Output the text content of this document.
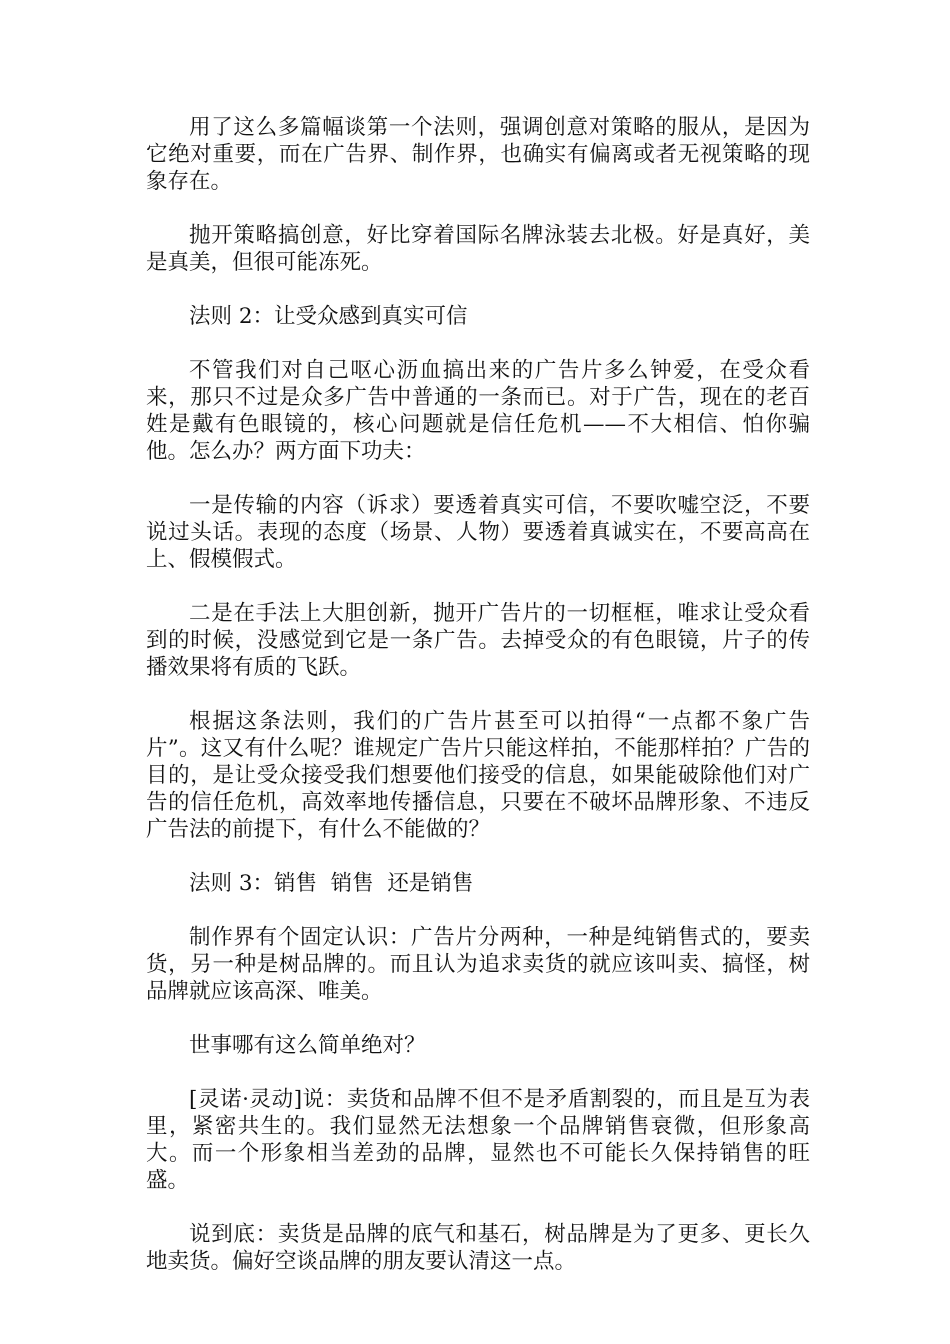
用了这么多篇幅谈第一个法则，强调创意对策略的服从，是因为它绝对重要，而在广告界、制作界，也确实有偏离或者无视策略的现象存在。

抛开策略搞创意，好比穿着国际名牌泳装去北极。好是真好，美是真美，但很可能冻死。

法则 2：让受众感到真实可信

不管我们对自己呕心沥血搞出来的广告片多么钟爱，在受众看来，那只不过是众多广告中普通的一条而已。对于广告，现在的老百姓是戴有色眼镜的，核心问题就是信任危机——不大相信、怕你骗他。怎么办？两方面下功夫：

一是传输的内容（诉求）要透着真实可信，不要吹嘘空泛，不要说过头话。表现的态度（场景、人物）要透着真诚实在，不要高高在上、假模假式。

二是在手法上大胆创新，抛开广告片的一切框框，唯求让受众看到的时候，没感觉到它是一条广告。去掉受众的有色眼镜，片子的传播效果将有质的飞跃。

根据这条法则，我们的广告片甚至可以拍得“一点都不象广告片”。这又有什么呢？谁规定广告片只能这样拍，不能那样拍？广告的目的，是让受众接受我们想要他们接受的信息，如果能破除他们对广告的信任危机，高效率地传播信息，只要在不破坏品牌形象、不违反广告法的前提下，有什么不能做的？

法则 3：销售  销售  还是销售

制作界有个固定认识：广告片分两种，一种是纯销售式的，要卖货，另一种是树品牌的。而且认为追求卖货的就应该叫卖、搞怪，树品牌就应该高深、唯美。

世事哪有这么简单绝对？

[灵诺·灵动]说：卖货和品牌不但不是矛盾割裂的，而且是互为表里，紧密共生的。我们显然无法想象一个品牌销售衰微，但形象高大。而一个形象相当差劲的品牌，显然也不可能长久保持销售的旺盛。

说到底：卖货是品牌的底气和基石，树品牌是为了更多、更长久地卖货。偏好空谈品牌的朋友要认清这一点。
